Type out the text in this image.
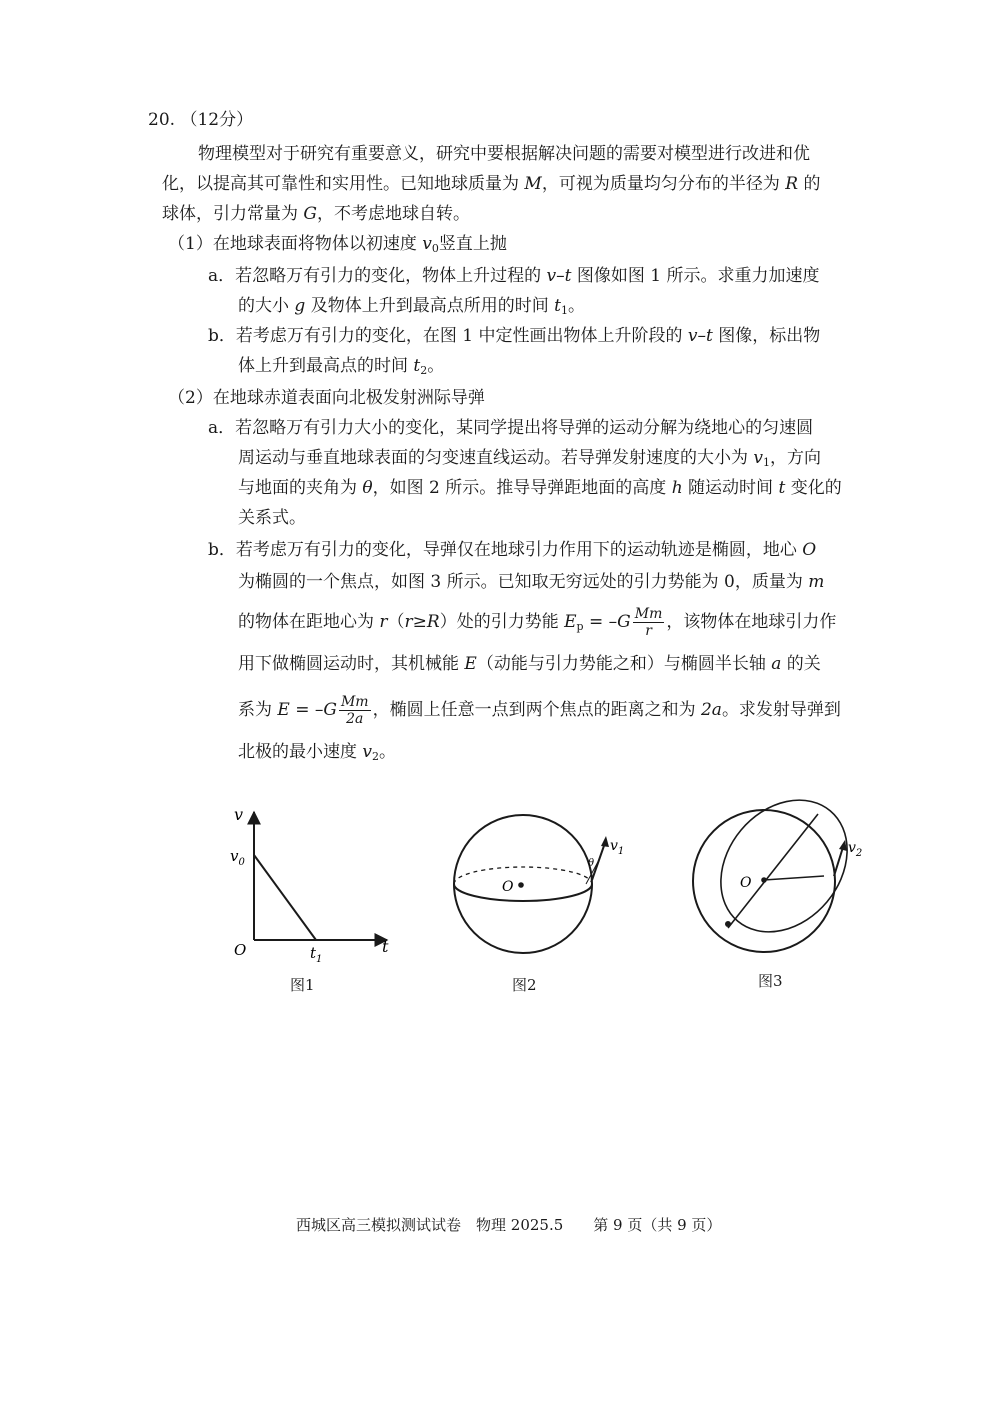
20. （12分）
物理模型对于研究有重要意义，研究中要根据解决问题的需要对模型进行改进和优
化，以提高其可靠性和实用性。已知地球质量为 M，可视为质量均匀分布的半径为 R 的
球体，引力常量为 G，不考虑地球自转。
（1）在地球表面将物体以初速度 $v_0$竖直上抛
a．若忽略万有引力的变化，物体上升过程的 v–t 图像如图 1 所示。求重力加速度
的大小 g 及物体上升到最高点所用的时间 $t_1$。
b．若考虑万有引力的变化，在图 1 中定性画出物体上升阶段的 v–t 图像，标出物
体上升到最高点的时间 $t_2$。
（2）在地球赤道表面向北极发射洲际导弹
a．若忽略万有引力大小的变化，某同学提出将导弹的运动分解为绕地心的匀速圆
周运动与垂直地球表面的匀变速直线运动。若导弹发射速度的大小为 $v_1$，方向
与地面的夹角为 θ，如图 2 所示。推导导弹距地面的高度 h 随运动时间 t 变化的
关系式。
b．若考虑万有引力的变化，导弹仅在地球引力作用下的运动轨迹是椭圆，地心 O
为椭圆的一个焦点，如图 3 所示。已知取无穷远处的引力势能为 0，质量为 m
的物体在距地心为 r（r≥R）处的引力势能 $E_p = -G \frac{Mm}{r}$ ，该物体在地球引力作
用下做椭圆运动时，其机械能 E（动能与引力势能之和）与椭圆半长轴 a 的关
系为 $E = -G \frac{Mm}{2a}$ ，椭圆上任意一点到两个焦点的距离之和为 2a。求发射导弹到
北极的最小速度 $v_2$。
v
$v_0$
O	$t_1$
t
图1
O
θ
$v_1$
图2
O
$v_2$
图3
西城区高三模拟测试试卷　物理 2025.5　　第 9 页（共 9 页）
